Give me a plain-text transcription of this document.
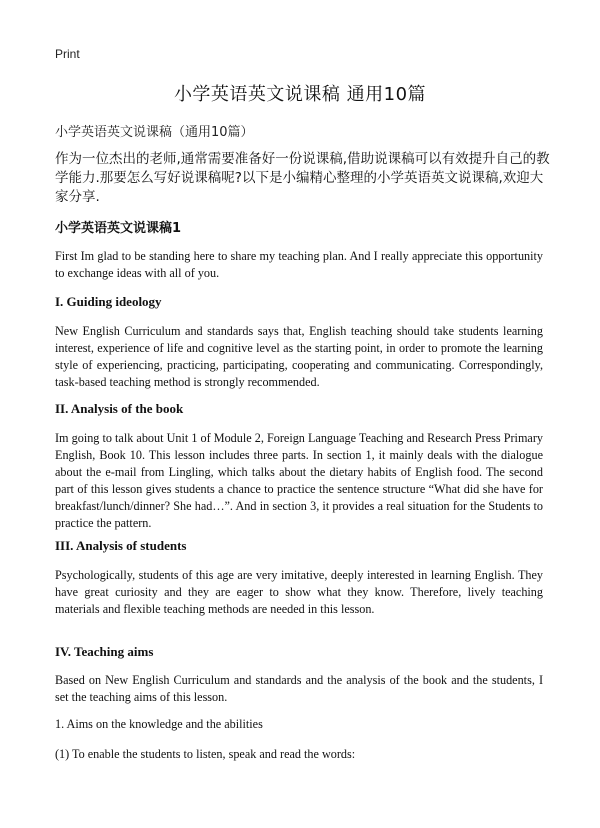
Print
小学英语英文说课稿 通用10篇
小学英语英文说课稿（通用10篇）
作为一位杰出的老师,通常需要准备好一份说课稿,借助说课稿可以有效提升自己的教学能力.那要怎么写好说课稿呢?以下是小编精心整理的小学英语英文说课稿,欢迎大家分享.
小学英语英文说课稿1
First Im glad to be standing here to share my teaching plan. And I really appreciate this opportunity to exchange ideas with all of you.
I. Guiding ideology
New English Curriculum and standards says that, English teaching should take students learning interest, experience of life and cognitive level as the starting point, in order to promote the learning style of experiencing, practicing, participating, cooperating and communicating. Correspondingly, task-based teaching method is strongly recommended.
II. Analysis of the book
Im going to talk about Unit 1 of Module 2, Foreign Language Teaching and Research Press Primary English, Book 10. This lesson includes three parts. In section 1, it mainly deals with the dialogue about the e-mail from Lingling, which talks about the dietary habits of English food. The second part of this lesson gives students a chance to practice the sentence structure “What did she have for breakfast/lunch/dinner? She had…”. And in section 3, it provides a real situation for the Students to practice the pattern.
III. Analysis of students
Psychologically, students of this age are very imitative, deeply interested in learning English. They have great curiosity and they are eager to show what they know. Therefore, lively teaching materials and flexible teaching methods are needed in this lesson.
IV. Teaching aims
Based on New English Curriculum and standards and the analysis of the book and the students, I set the teaching aims of this lesson.
1. Aims on the knowledge and the abilities
(1) To enable the students to listen, speak and read the words:
